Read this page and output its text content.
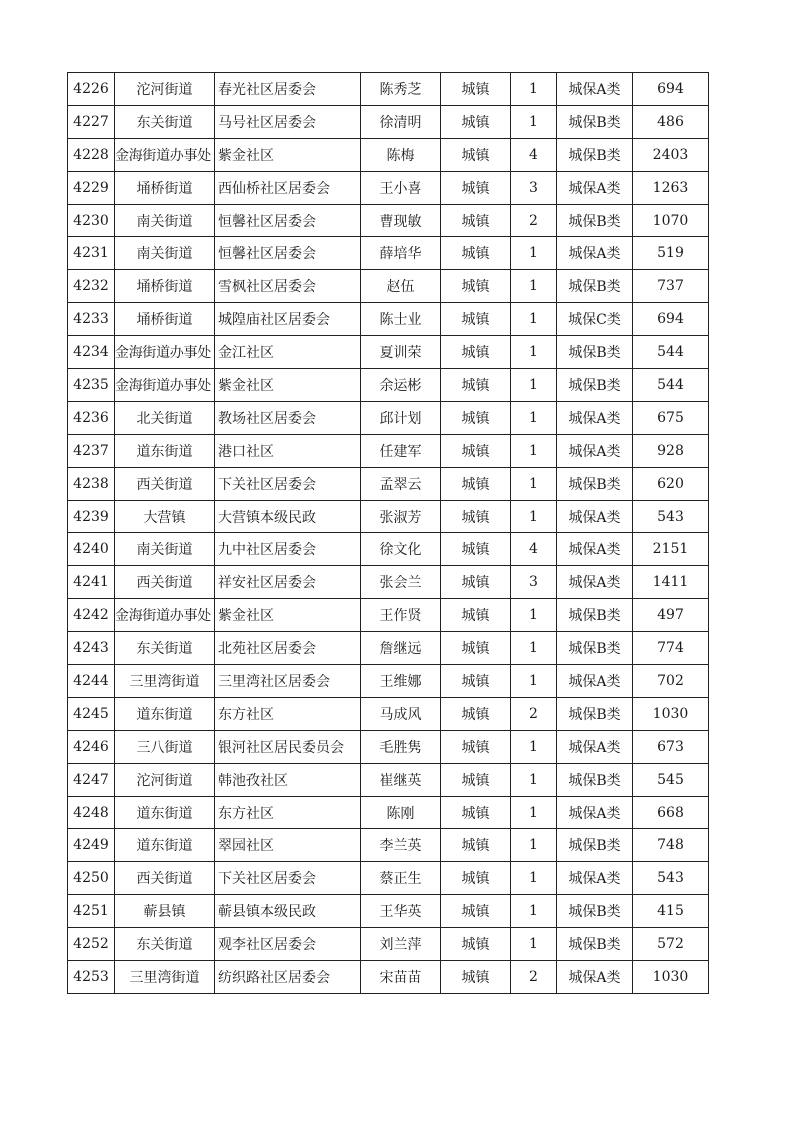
4226	沱河街道	春光社区居委会	陈秀芝	城镇	1	城保A类	694
4227	东关街道	马号社区居委会	徐清明	城镇	1	城保B类	486
4228	金海街道办事处	紫金社区	陈梅	城镇	4	城保B类	2403
4229	埇桥街道	西仙桥社区居委会	王小喜	城镇	3	城保A类	1263
4230	南关街道	恒馨社区居委会	曹现敏	城镇	2	城保B类	1070
4231	南关街道	恒馨社区居委会	薛培华	城镇	1	城保A类	519
4232	埇桥街道	雪枫社区居委会	赵伍	城镇	1	城保B类	737
4233	埇桥街道	城隍庙社区居委会	陈士业	城镇	1	城保C类	694
4234	金海街道办事处	金江社区	夏训荣	城镇	1	城保B类	544
4235	金海街道办事处	紫金社区	余运彬	城镇	1	城保B类	544
4236	北关街道	教场社区居委会	邱计划	城镇	1	城保A类	675
4237	道东街道	港口社区	任建军	城镇	1	城保A类	928
4238	西关街道	下关社区居委会	孟翠云	城镇	1	城保B类	620
4239	大营镇	大营镇本级民政	张淑芳	城镇	1	城保A类	543
4240	南关街道	九中社区居委会	徐文化	城镇	4	城保A类	2151
4241	西关街道	祥安社区居委会	张会兰	城镇	3	城保A类	1411
4242	金海街道办事处	紫金社区	王作贤	城镇	1	城保B类	497
4243	东关街道	北苑社区居委会	詹继远	城镇	1	城保B类	774
4244	三里湾街道	三里湾社区居委会	王维娜	城镇	1	城保A类	702
4245	道东街道	东方社区	马成风	城镇	2	城保B类	1030
4246	三八街道	银河社区居民委员会	毛胜隽	城镇	1	城保A类	673
4247	沱河街道	韩池孜社区	崔继英	城镇	1	城保B类	545
4248	道东街道	东方社区	陈刚	城镇	1	城保A类	668
4249	道东街道	翠园社区	李兰英	城镇	1	城保B类	748
4250	西关街道	下关社区居委会	蔡正生	城镇	1	城保A类	543
4251	蕲县镇	蕲县镇本级民政	王华英	城镇	1	城保B类	415
4252	东关街道	观李社区居委会	刘兰萍	城镇	1	城保B类	572
4253	三里湾街道	纺织路社区居委会	宋苗苗	城镇	2	城保A类	1030
